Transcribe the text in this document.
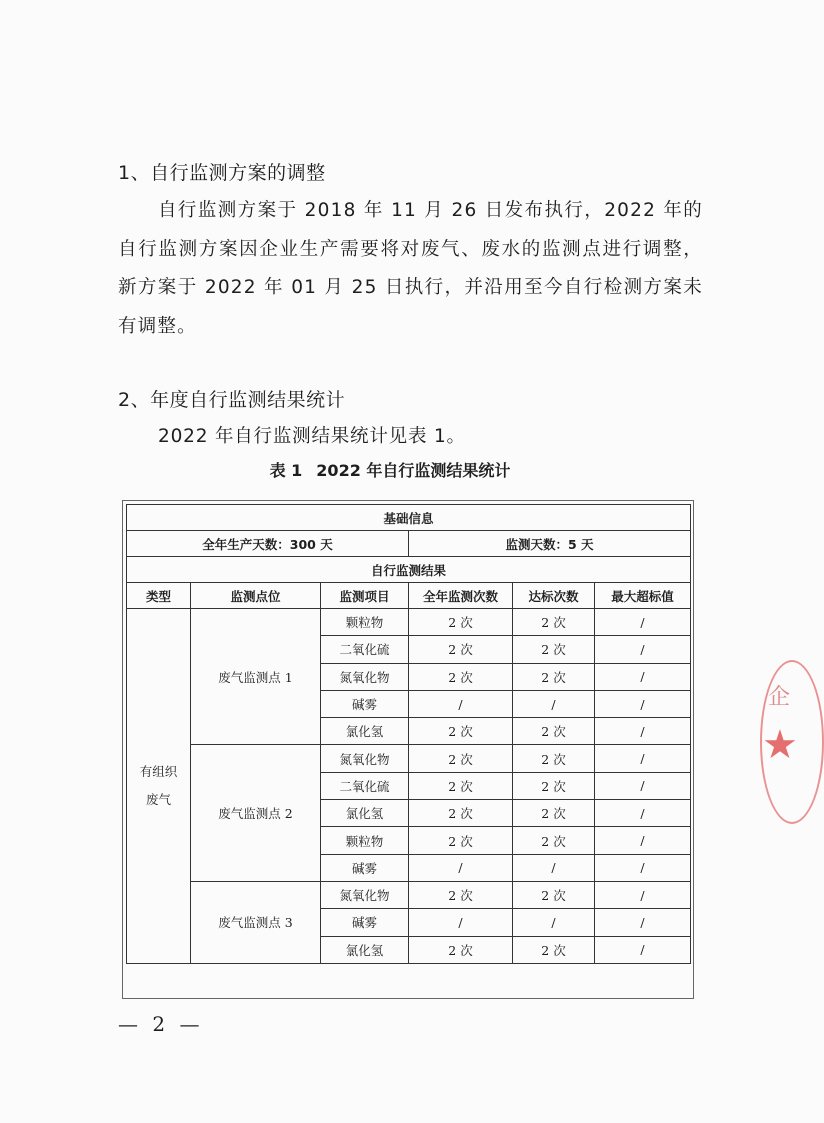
1、自行监测方案的调整
自行监测方案于 2018 年 11 月 26 日发布执行，2022 年的自行监测方案因企业生产需要将对废气、废水的监测点进行调整，新方案于 2022 年 01 月 25 日执行，并沿用至今自行检测方案未有调整。
2、年度自行监测结果统计
2022 年自行监测结果统计见表 1。
表 1 2022 年自行监测结果统计
基础信息					
全年生产天数：300 天			监测天数：5 天		
自行监测结果					
类型	监测点位	监测项目	全年监测次数	达标次数	最大超标值
有组织废气	废气监测点 1	颗粒物	2 次	2 次	/
		二氧化硫	2 次	2 次	/
		氮氧化物	2 次	2 次	/
		碱雾	/	/	/
		氯化氢	2 次	2 次	/
	废气监测点 2	氮氧化物	2 次	2 次	/
		二氧化硫	2 次	2 次	/
		氯化氢	2 次	2 次	/
		颗粒物	2 次	2 次	/
		碱雾	/	/	/
	废气监测点 3	氮氧化物	2 次	2 次	/
		碱雾	/	/	/
		氯化氢	2 次	2 次	/
— 2 —
企
★
